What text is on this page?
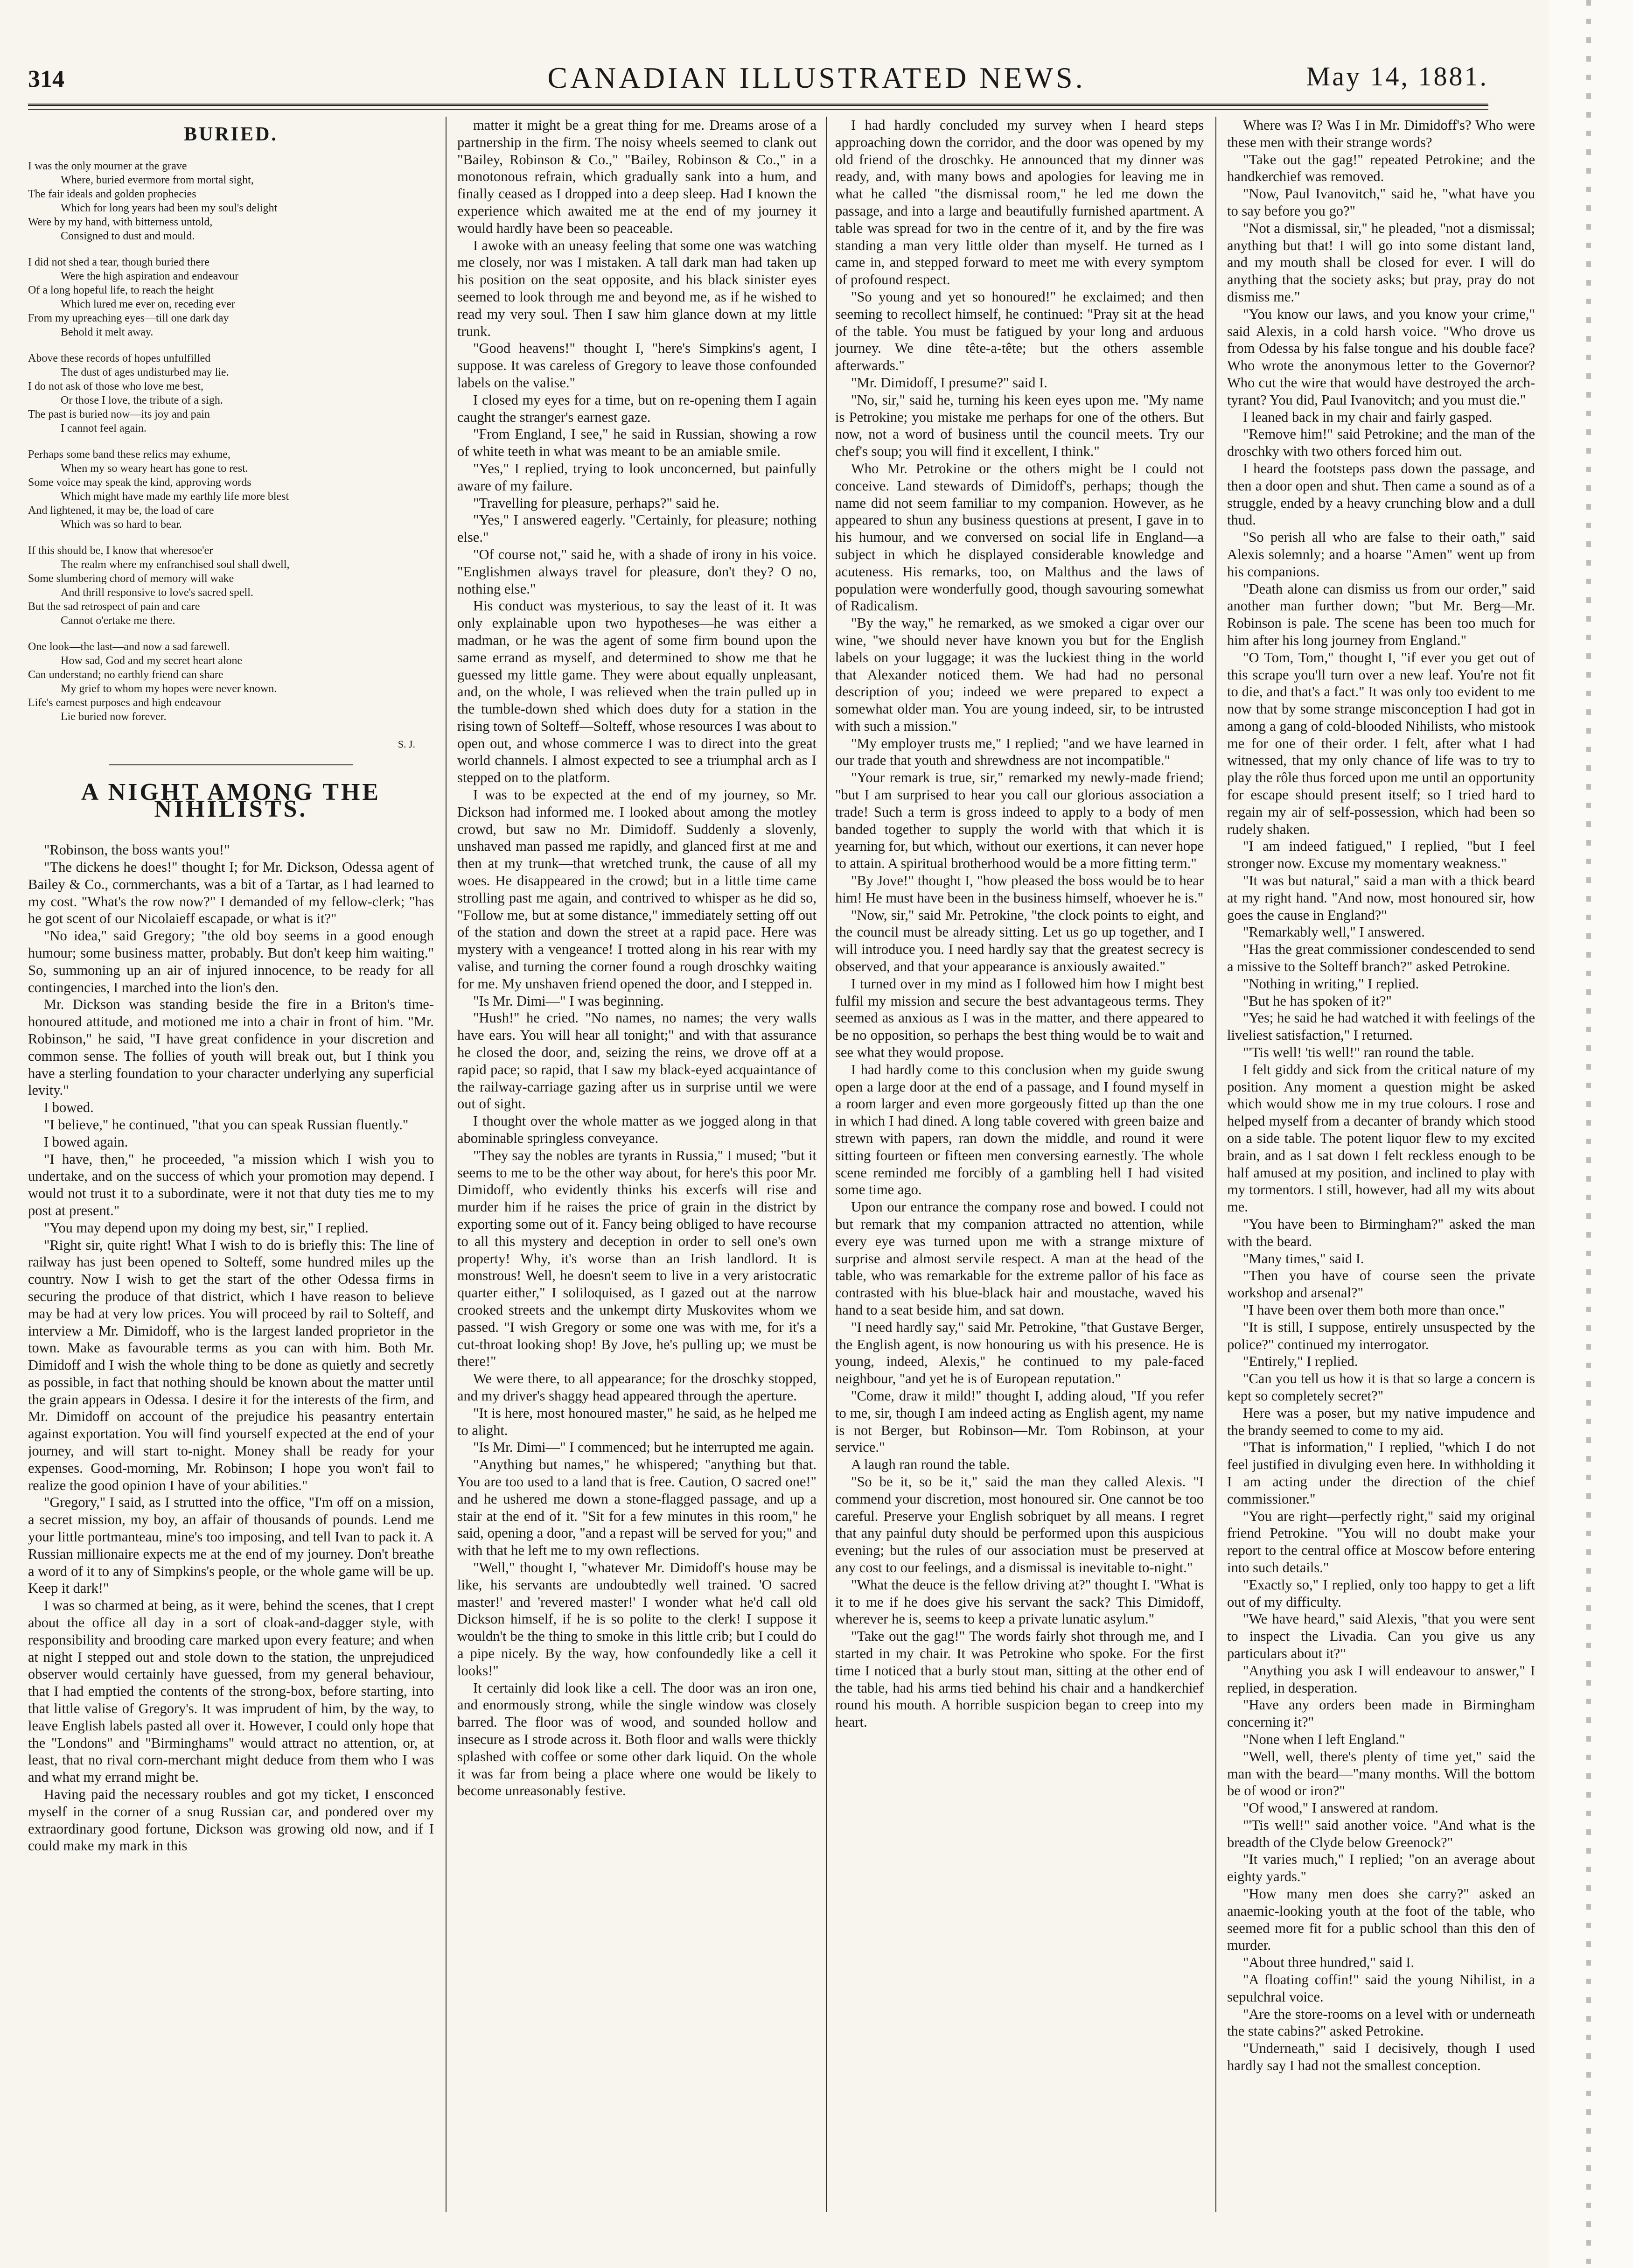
314	CANADIAN ILLUSTRATED NEWS.	May 14, 1881.
BURIED.
I was the only mourner at the grave
Where, buried evermore from mortal sight,
The fair ideals and golden prophecies
Which for long years had been my soul's delight
Were by my hand, with bitterness untold,
Consigned to dust and mould.
I did not shed a tear, though buried there
Were the high aspiration and endeavour
Of a long hopeful life, to reach the height
Which lured me ever on, receding ever
From my upreaching eyes—till one dark day
Behold it melt away.
Above these records of hopes unfulfilled
The dust of ages undisturbed may lie.
I do not ask of those who love me best,
Or those I love, the tribute of a sigh.
The past is buried now—its joy and pain
I cannot feel again.
Perhaps some band these relics may exhume,
When my so weary heart has gone to rest.
Some voice may speak the kind, approving words
Which might have made my earthly life more blest
And lightened, it may be, the load of care
Which was so hard to bear.
If this should be, I know that wheresoe'er
The realm where my enfranchised soul shall dwell,
Some slumbering chord of memory will wake
And thrill responsive to love's sacred spell.
But the sad retrospect of pain and care
Cannot o'ertake me there.
One look—the last—and now a sad farewell.
How sad, God and my secret heart alone
Can understand; no earthly friend can share
My grief to whom my hopes were never known.
Life's earnest purposes and high endeavour
Lie buried now forever.
S. J.
A NIGHT AMONG THE NIHILISTS.

"Robinson, the boss wants you!"

"The dickens he does!" thought I; for Mr. Dickson, Odessa agent of Bailey & Co., cornmerchants, was a bit of a Tartar, as I had learned to my cost. "What's the row now?" I demanded of my fellow-clerk; "has he got scent of our Nicolaieff escapade, or what is it?"

"No idea," said Gregory; "the old boy seems in a good enough humour; some business matter, probably. But don't keep him waiting." So, summoning up an air of injured innocence, to be ready for all contingencies, I marched into the lion's den.

Mr. Dickson was standing beside the fire in a Briton's time-honoured attitude, and motioned me into a chair in front of him. "Mr. Robinson," he said, "I have great confidence in your discretion and common sense. The follies of youth will break out, but I think you have a sterling foundation to your character underlying any superficial levity."

I bowed.

"I believe," he continued, "that you can speak Russian fluently."

I bowed again.

"I have, then," he proceeded, "a mission which I wish you to undertake, and on the success of which your promotion may depend. I would not trust it to a subordinate, were it not that duty ties me to my post at present."

"You may depend upon my doing my best, sir," I replied.

"Right sir, quite right! What I wish to do is briefly this: The line of railway has just been opened to Solteff, some hundred miles up the country. Now I wish to get the start of the other Odessa firms in securing the produce of that district, which I have reason to believe may be had at very low prices. You will proceed by rail to Solteff, and interview a Mr. Dimidoff, who is the largest landed proprietor in the town. Make as favourable terms as you can with him. Both Mr. Dimidoff and I wish the whole thing to be done as quietly and secretly as possible, in fact that nothing should be known about the matter until the grain appears in Odessa. I desire it for the interests of the firm, and Mr. Dimidoff on account of the prejudice his peasantry entertain against exportation. You will find yourself expected at the end of your journey, and will start to-night. Money shall be ready for your expenses. Good-morning, Mr. Robinson; I hope you won't fail to realize the good opinion I have of your abilities."

"Gregory," I said, as I strutted into the office, "I'm off on a mission, a secret mission, my boy, an affair of thousands of pounds. Lend me your little portmanteau, mine's too imposing, and tell Ivan to pack it. A Russian millionaire expects me at the end of my journey. Don't breathe a word of it to any of Simpkins's people, or the whole game will be up. Keep it dark!"

I was so charmed at being, as it were, behind the scenes, that I crept about the office all day in a sort of cloak-and-dagger style, with responsibility and brooding care marked upon every feature; and when at night I stepped out and stole down to the station, the unprejudiced observer would certainly have guessed, from my general behaviour, that I had emptied the contents of the strong-box, before starting, into that little valise of Gregory's. It was imprudent of him, by the way, to leave English labels pasted all over it. However, I could only hope that the "Londons" and "Birminghams" would attract no attention, or, at least, that no rival corn-merchant might deduce from them who I was and what my errand might be.

Having paid the necessary roubles and got my ticket, I ensconced myself in the corner of a snug Russian car, and pondered over my extraordinary good fortune, Dickson was growing old now, and if I could make my mark in this

matter it might be a great thing for me. Dreams arose of a partnership in the firm. The noisy wheels seemed to clank out "Bailey, Robinson & Co.," "Bailey, Robinson & Co.," in a monotonous refrain, which gradually sank into a hum, and finally ceased as I dropped into a deep sleep. Had I known the experience which awaited me at the end of my journey it would hardly have been so peaceable.

I awoke with an uneasy feeling that some one was watching me closely, nor was I mistaken. A tall dark man had taken up his position on the seat opposite, and his black sinister eyes seemed to look through me and beyond me, as if he wished to read my very soul. Then I saw him glance down at my little trunk.

"Good heavens!" thought I, "here's Simpkins's agent, I suppose. It was careless of Gregory to leave those confounded labels on the valise."

I closed my eyes for a time, but on re-opening them I again caught the stranger's earnest gaze.

"From England, I see," he said in Russian, showing a row of white teeth in what was meant to be an amiable smile.

"Yes," I replied, trying to look unconcerned, but painfully aware of my failure.

"Travelling for pleasure, perhaps?" said he.

"Yes," I answered eagerly. "Certainly, for pleasure; nothing else."

"Of course not," said he, with a shade of irony in his voice. "Englishmen always travel for pleasure, don't they? O no, nothing else."

His conduct was mysterious, to say the least of it. It was only explainable upon two hypotheses—he was either a madman, or he was the agent of some firm bound upon the same errand as myself, and determined to show me that he guessed my little game. They were about equally unpleasant, and, on the whole, I was relieved when the train pulled up in the tumble-down shed which does duty for a station in the rising town of Solteff—Solteff, whose resources I was about to open out, and whose commerce I was to direct into the great world channels. I almost expected to see a triumphal arch as I stepped on to the platform.

I was to be expected at the end of my journey, so Mr. Dickson had informed me. I looked about among the motley crowd, but saw no Mr. Dimidoff. Suddenly a slovenly, unshaved man passed me rapidly, and glanced first at me and then at my trunk—that wretched trunk, the cause of all my woes. He disappeared in the crowd; but in a little time came strolling past me again, and contrived to whisper as he did so, "Follow me, but at some distance," immediately setting off out of the station and down the street at a rapid pace. Here was mystery with a vengeance! I trotted along in his rear with my valise, and turning the corner found a rough droschky waiting for me. My unshaven friend opened the door, and I stepped in.

"Is Mr. Dimi—" I was beginning.

"Hush!" he cried. "No names, no names; the very walls have ears. You will hear all tonight;" and with that assurance he closed the door, and, seizing the reins, we drove off at a rapid pace; so rapid, that I saw my black-eyed acquaintance of the railway-carriage gazing after us in surprise until we were out of sight.

I thought over the whole matter as we jogged along in that abominable springless conveyance.

"They say the nobles are tyrants in Russia," I mused; "but it seems to me to be the other way about, for here's this poor Mr. Dimidoff, who evidently thinks his excerfs will rise and murder him if he raises the price of grain in the district by exporting some out of it. Fancy being obliged to have recourse to all this mystery and deception in order to sell one's own property! Why, it's worse than an Irish landlord. It is monstrous! Well, he doesn't seem to live in a very aristocratic quarter either," I soliloquised, as I gazed out at the narrow crooked streets and the unkempt dirty Muskovites whom we passed. "I wish Gregory or some one was with me, for it's a cut-throat looking shop! By Jove, he's pulling up; we must be there!"

We were there, to all appearance; for the droschky stopped, and my driver's shaggy head appeared through the aperture.

"It is here, most honoured master," he said, as he helped me to alight.

"Is Mr. Dimi—" I commenced; but he interrupted me again.

"Anything but names," he whispered; "anything but that. You are too used to a land that is free. Caution, O sacred one!" and he ushered me down a stone-flagged passage, and up a stair at the end of it. "Sit for a few minutes in this room," he said, opening a door, "and a repast will be served for you;" and with that he left me to my own reflections.

"Well," thought I, "whatever Mr. Dimidoff's house may be like, his servants are undoubtedly well trained. 'O sacred master!' and 'revered master!' I wonder what he'd call old Dickson himself, if he is so polite to the clerk! I suppose it wouldn't be the thing to smoke in this little crib; but I could do a pipe nicely. By the way, how confoundedly like a cell it looks!"

It certainly did look like a cell. The door was an iron one, and enormously strong, while the single window was closely barred. The floor was of wood, and sounded hollow and insecure as I strode across it. Both floor and walls were thickly splashed with coffee or some other dark liquid. On the whole it was far from being a place where one would be likely to become unreasonably festive.

I had hardly concluded my survey when I heard steps approaching down the corridor, and the door was opened by my old friend of the droschky. He announced that my dinner was ready, and, with many bows and apologies for leaving me in what he called "the dismissal room," he led me down the passage, and into a large and beautifully furnished apartment. A table was spread for two in the centre of it, and by the fire was standing a man very little older than myself. He turned as I came in, and stepped forward to meet me with every symptom of profound respect.

"So young and yet so honoured!" he exclaimed; and then seeming to recollect himself, he continued: "Pray sit at the head of the table. You must be fatigued by your long and arduous journey. We dine tête-a-tête; but the others assemble afterwards."

"Mr. Dimidoff, I presume?" said I.

"No, sir," said he, turning his keen eyes upon me. "My name is Petrokine; you mistake me perhaps for one of the others. But now, not a word of business until the council meets. Try our chef's soup; you will find it excellent, I think."

Who Mr. Petrokine or the others might be I could not conceive. Land stewards of Dimidoff's, perhaps; though the name did not seem familiar to my companion. However, as he appeared to shun any business questions at present, I gave in to his humour, and we conversed on social life in England—a subject in which he displayed considerable knowledge and acuteness. His remarks, too, on Malthus and the laws of population were wonderfully good, though savouring somewhat of Radicalism.

"By the way," he remarked, as we smoked a cigar over our wine, "we should never have known you but for the English labels on your luggage; it was the luckiest thing in the world that Alexander noticed them. We had had no personal description of you; indeed we were prepared to expect a somewhat older man. You are young indeed, sir, to be intrusted with such a mission."

"My employer trusts me," I replied; "and we have learned in our trade that youth and shrewdness are not incompatible."

"Your remark is true, sir," remarked my newly-made friend; "but I am surprised to hear you call our glorious association a trade! Such a term is gross indeed to apply to a body of men banded together to supply the world with that which it is yearning for, but which, without our exertions, it can never hope to attain. A spiritual brotherhood would be a more fitting term."

"By Jove!" thought I, "how pleased the boss would be to hear him! He must have been in the business himself, whoever he is."

"Now, sir," said Mr. Petrokine, "the clock points to eight, and the council must be already sitting. Let us go up together, and I will introduce you. I need hardly say that the greatest secrecy is observed, and that your appearance is anxiously awaited."

I turned over in my mind as I followed him how I might best fulfil my mission and secure the best advantageous terms. They seemed as anxious as I was in the matter, and there appeared to be no opposition, so perhaps the best thing would be to wait and see what they would propose.

I had hardly come to this conclusion when my guide swung open a large door at the end of a passage, and I found myself in a room larger and even more gorgeously fitted up than the one in which I had dined. A long table covered with green baize and strewn with papers, ran down the middle, and round it were sitting fourteen or fifteen men conversing earnestly. The whole scene reminded me forcibly of a gambling hell I had visited some time ago.

Upon our entrance the company rose and bowed. I could not but remark that my companion attracted no attention, while every eye was turned upon me with a strange mixture of surprise and almost servile respect. A man at the head of the table, who was remarkable for the extreme pallor of his face as contrasted with his blue-black hair and moustache, waved his hand to a seat beside him, and sat down.

"I need hardly say," said Mr. Petrokine, "that Gustave Berger, the English agent, is now honouring us with his presence. He is young, indeed, Alexis," he continued to my pale-faced neighbour, "and yet he is of European reputation."

"Come, draw it mild!" thought I, adding aloud, "If you refer to me, sir, though I am indeed acting as English agent, my name is not Berger, but Robinson—Mr. Tom Robinson, at your service."

A laugh ran round the table.

"So be it, so be it," said the man they called Alexis. "I commend your discretion, most honoured sir. One cannot be too careful. Preserve your English sobriquet by all means. I regret that any painful duty should be performed upon this auspicious evening; but the rules of our association must be preserved at any cost to our feelings, and a dismissal is inevitable to-night."

"What the deuce is the fellow driving at?" thought I. "What is it to me if he does give his servant the sack? This Dimidoff, wherever he is, seems to keep a private lunatic asylum."

"Take out the gag!" The words fairly shot through me, and I started in my chair. It was Petrokine who spoke. For the first time I noticed that a burly stout man, sitting at the other end of the table, had his arms tied behind his chair and a handkerchief round his mouth. A horrible suspicion began to creep into my heart.

Where was I? Was I in Mr. Dimidoff's? Who were these men with their strange words?

"Take out the gag!" repeated Petrokine; and the handkerchief was removed.

"Now, Paul Ivanovitch," said he, "what have you to say before you go?"

"Not a dismissal, sir," he pleaded, "not a dismissal; anything but that! I will go into some distant land, and my mouth shall be closed for ever. I will do anything that the society asks; but pray, pray do not dismiss me."

"You know our laws, and you know your crime," said Alexis, in a cold harsh voice. "Who drove us from Odessa by his false tongue and his double face? Who wrote the anonymous letter to the Governor? Who cut the wire that would have destroyed the arch-tyrant? You did, Paul Ivanovitch; and you must die."

I leaned back in my chair and fairly gasped.

"Remove him!" said Petrokine; and the man of the droschky with two others forced him out.

I heard the footsteps pass down the passage, and then a door open and shut. Then came a sound as of a struggle, ended by a heavy crunching blow and a dull thud.

"So perish all who are false to their oath," said Alexis solemnly; and a hoarse "Amen" went up from his companions.

"Death alone can dismiss us from our order," said another man further down; "but Mr. Berg—Mr. Robinson is pale. The scene has been too much for him after his long journey from England."

"O Tom, Tom," thought I, "if ever you get out of this scrape you'll turn over a new leaf. You're not fit to die, and that's a fact." It was only too evident to me now that by some strange misconception I had got in among a gang of cold-blooded Nihilists, who mistook me for one of their order. I felt, after what I had witnessed, that my only chance of life was to try to play the rôle thus forced upon me until an opportunity for escape should present itself; so I tried hard to regain my air of self-possession, which had been so rudely shaken.

"I am indeed fatigued," I replied, "but I feel stronger now. Excuse my momentary weakness."

"It was but natural," said a man with a thick beard at my right hand. "And now, most honoured sir, how goes the cause in England?"

"Remarkably well," I answered.

"Has the great commissioner condescended to send a missive to the Solteff branch?" asked Petrokine.

"Nothing in writing," I replied.

"But he has spoken of it?"

"Yes; he said he had watched it with feelings of the liveliest satisfaction," I returned.

"'Tis well! 'tis well!" ran round the table.

I felt giddy and sick from the critical nature of my position. Any moment a question might be asked which would show me in my true colours. I rose and helped myself from a decanter of brandy which stood on a side table. The potent liquor flew to my excited brain, and as I sat down I felt reckless enough to be half amused at my position, and inclined to play with my tormentors. I still, however, had all my wits about me.

"You have been to Birmingham?" asked the man with the beard.

"Many times," said I.

"Then you have of course seen the private workshop and arsenal?"

"I have been over them both more than once."

"It is still, I suppose, entirely unsuspected by the police?" continued my interrogator.

"Entirely," I replied.

"Can you tell us how it is that so large a concern is kept so completely secret?"

Here was a poser, but my native impudence and the brandy seemed to come to my aid.

"That is information," I replied, "which I do not feel justified in divulging even here. In withholding it I am acting under the direction of the chief commissioner."

"You are right—perfectly right," said my original friend Petrokine. "You will no doubt make your report to the central office at Moscow before entering into such details."

"Exactly so," I replied, only too happy to get a lift out of my difficulty.

"We have heard," said Alexis, "that you were sent to inspect the Livadia. Can you give us any particulars about it?"

"Anything you ask I will endeavour to answer," I replied, in desperation.

"Have any orders been made in Birmingham concerning it?"

"None when I left England."

"Well, well, there's plenty of time yet," said the man with the beard—"many months. Will the bottom be of wood or iron?"

"Of wood," I answered at random.

"'Tis well!" said another voice. "And what is the breadth of the Clyde below Greenock?"

"It varies much," I replied; "on an average about eighty yards."

"How many men does she carry?" asked an anaemic-looking youth at the foot of the table, who seemed more fit for a public school than this den of murder.

"About three hundred," said I.

"A floating coffin!" said the young Nihilist, in a sepulchral voice.

"Are the store-rooms on a level with or underneath the state cabins?" asked Petrokine.

"Underneath," said I decisively, though I used hardly say I had not the smallest conception.
